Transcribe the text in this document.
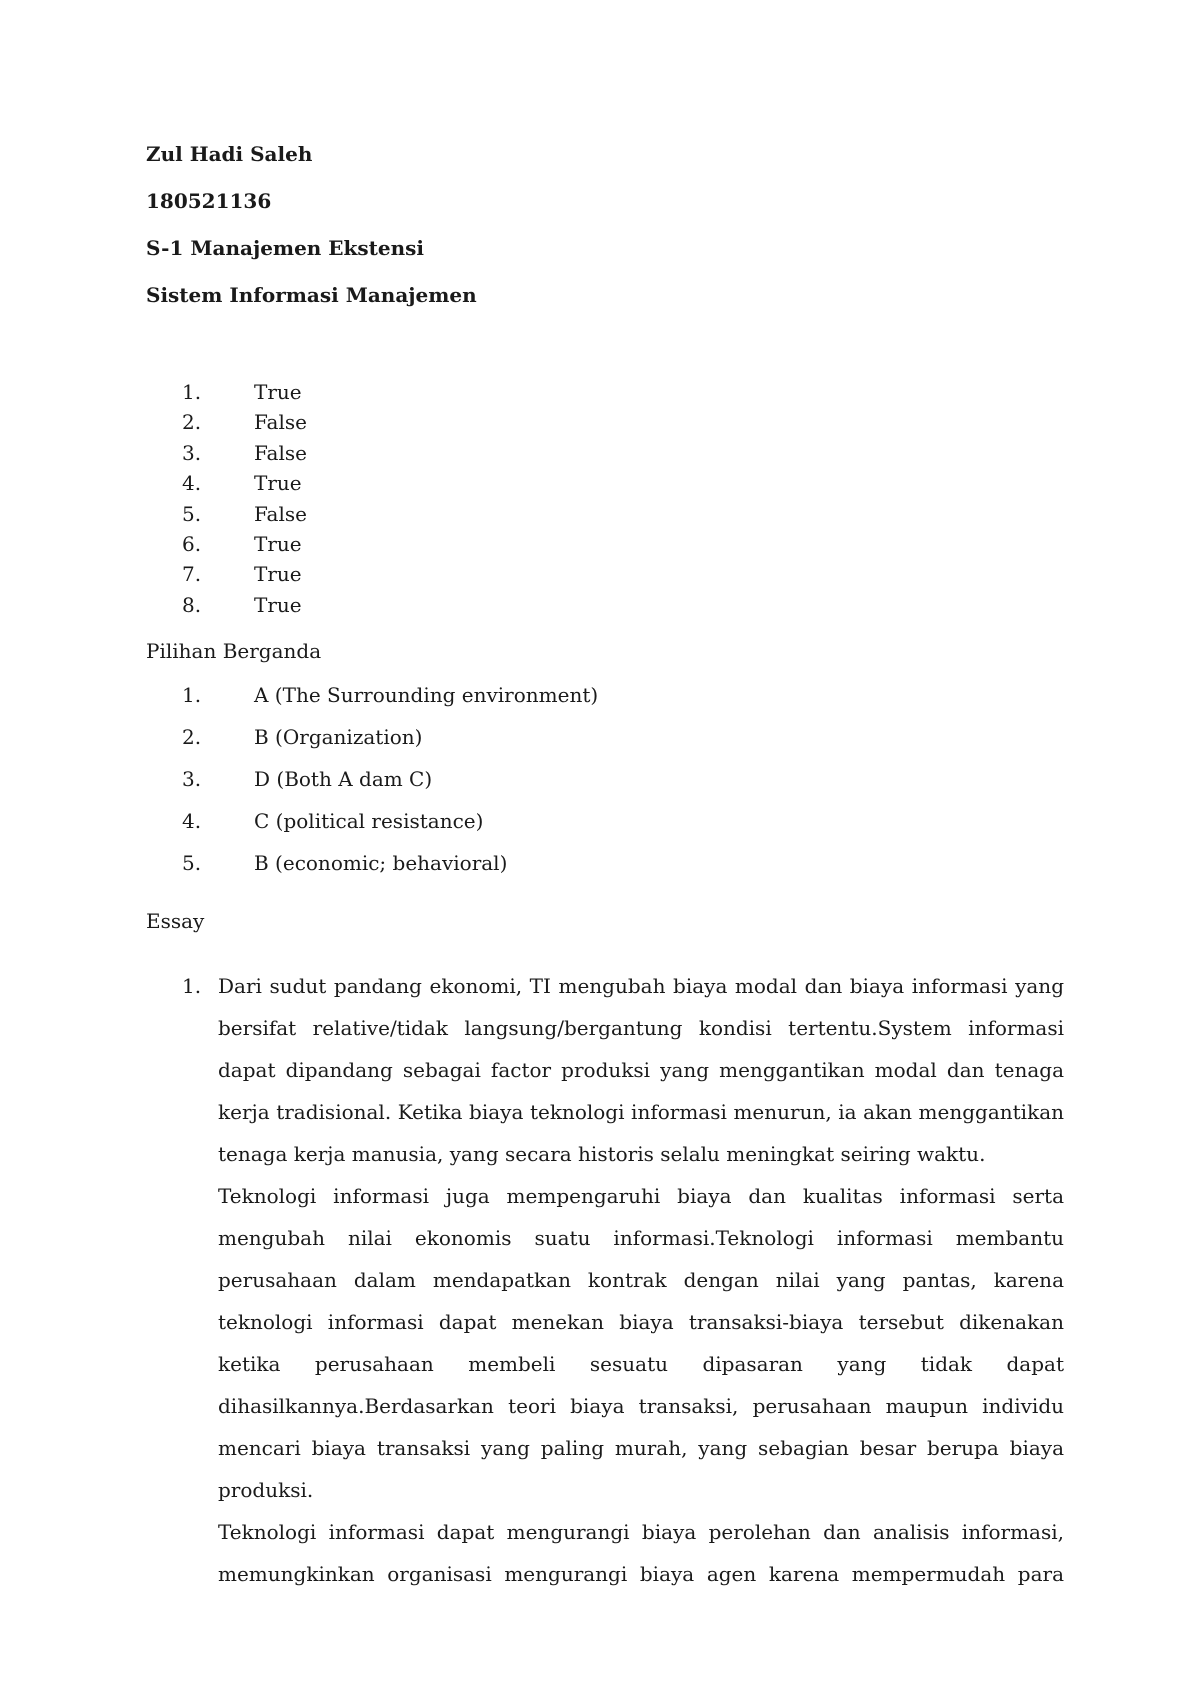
Zul Hadi Saleh
180521136
S-1 Manajemen Ekstensi
Sistem Informasi Manajemen
1.	True
2.	False
3.	False
4.	True
5.	False
6.	True
7.	True
8.	True
Pilihan Berganda
1.	A (The Surrounding environment)
2.	B (Organization)
3.	D (Both A dam C)
4.	C (political resistance)
5.	B (economic; behavioral)
Essay
1. Dari sudut pandang ekonomi, TI mengubah biaya modal dan biaya informasi yang bersifat relative/tidak langsung/bergantung kondisi tertentu.System informasi dapat dipandang sebagai factor produksi yang menggantikan modal dan tenaga kerja tradisional. Ketika biaya teknologi informasi menurun, ia akan menggantikan tenaga kerja manusia, yang secara historis selalu meningkat seiring waktu.

Teknologi informasi juga mempengaruhi biaya dan kualitas informasi serta mengubah nilai ekonomis suatu informasi.Teknologi informasi membantu perusahaan dalam mendapatkan kontrak dengan nilai yang pantas, karena teknologi informasi dapat menekan biaya transaksi-biaya tersebut dikenakan ketika perusahaan membeli sesuatu dipasaran yang tidak dapat dihasilkannya.Berdasarkan teori biaya transaksi, perusahaan maupun individu mencari biaya transaksi yang paling murah, yang sebagian besar berupa biaya produksi.

Teknologi informasi dapat mengurangi biaya perolehan dan analisis informasi, memungkinkan organisasi mengurangi biaya agen karena mempermudah para
